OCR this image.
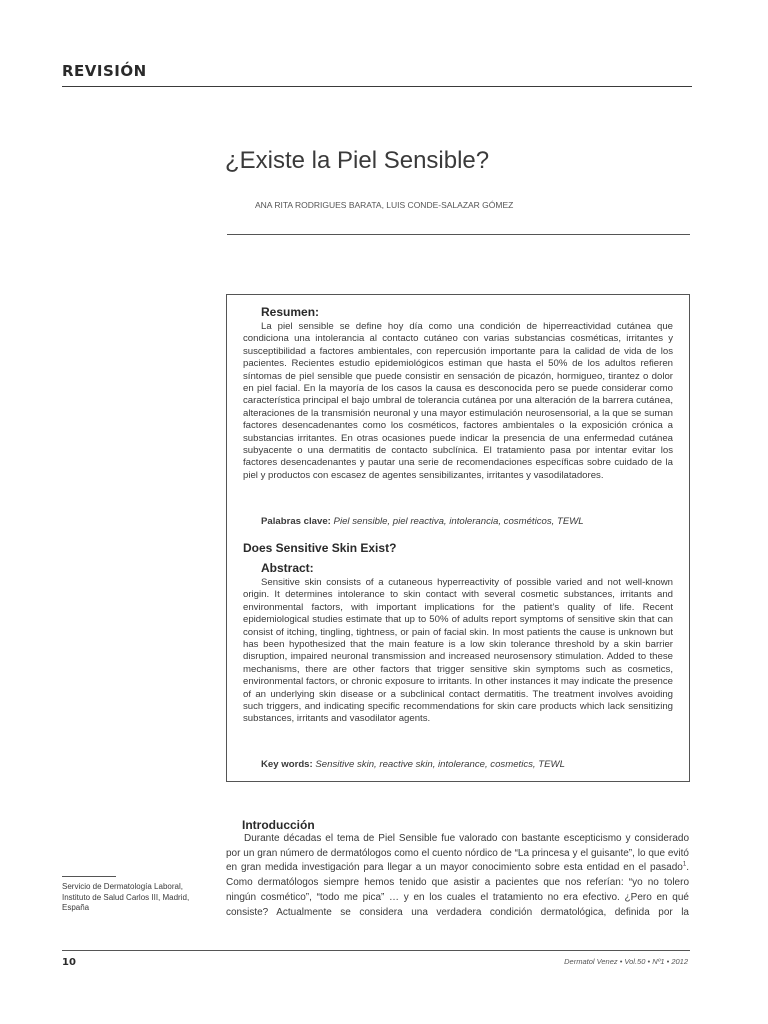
REVISIÓN
¿Existe la Piel Sensible?
ANA RITA RODRIGUES BARATA, LUIS CONDE-SALAZAR GÓMEZ
Resumen:
La piel sensible se define hoy día como una condición de hiperreactividad cutánea que condiciona una intolerancia al contacto cutáneo con varias substancias cosméticas, irritantes y susceptibilidad a factores ambientales, con repercusión importante para la calidad de vida de los pacientes. Recientes estudio epidemiológicos estiman que hasta el 50% de los adultos refieren síntomas de piel sensible que puede consistir en sensación de picazón, hormigueo, tirantez o dolor en piel facial. En la mayoría de los casos la causa es desconocida pero se puede considerar como característica principal el bajo umbral de tolerancia cutánea por una alteración de la barrera cutánea, alteraciones de la transmisión neuronal y una mayor estimulación neurosensorial, a la que se suman factores desencadenantes como los cosméticos, factores ambientales o la exposición crónica a substancias irritantes. En otras ocasiones puede indicar la presencia de una enfermedad cutánea subyacente o una dermatitis de contacto subclínica. El tratamiento pasa por intentar evitar los factores desencadenantes y pautar una serie de recomendaciones específicas sobre cuidado de la piel y productos con escasez de agentes sensibilizantes, irritantes y vasodilatadores.
Palabras clave: Piel sensible, piel reactiva, intolerancia, cosméticos, TEWL
Does Sensitive Skin Exist?
Abstract:
Sensitive skin consists of a cutaneous hyperreactivity of possible varied and not well-known origin. It determines intolerance to skin contact with several cosmetic substances, irritants and environmental factors, with important implications for the patient’s quality of life. Recent epidemiological studies estimate that up to 50% of adults report symptoms of sensitive skin that can consist of itching, tingling, tightness, or pain of facial skin. In most patients the cause is unknown but has been hypothesized that the main feature is a low skin tolerance threshold by a skin barrier disruption, impaired neuronal transmission and increased neurosensory stimulation. Added to these mechanisms, there are other factors that trigger sensitive skin symptoms such as cosmetics, environmental factors, or chronic exposure to irritants. In other instances it may indicate the presence of an underlying skin disease or a subclinical contact dermatitis. The treatment involves avoiding such triggers, and indicating specific recommendations for skin care products which lack sensitizing substances, irritants and vasodilator agents.
Key words: Sensitive skin, reactive skin, intolerance, cosmetics, TEWL
Introducción
Durante décadas el tema de Piel Sensible fue valorado con bastante escepticismo y considerado por un gran número de dermatólogos como el cuento nórdico de “La princesa y el guisante”, lo que evitó en gran medida investigación para llegar a un mayor conocimiento sobre esta entidad en el pasado$^1$. Como dermatólogos siempre hemos tenido que asistir a pacientes que nos referían: “yo no tolero ningún cosmético”, “todo me pica” … y en los cuales el tratamiento no era efectivo. ¿Pero en qué consiste? Actualmente se considera una verdadera condición dermatológica, definida por la
Servicio de Dermatología Laboral, Instituto de Salud Carlos III, Madrid, España
10	Dermatol Venez • Vol.50 • Nº1 • 2012
